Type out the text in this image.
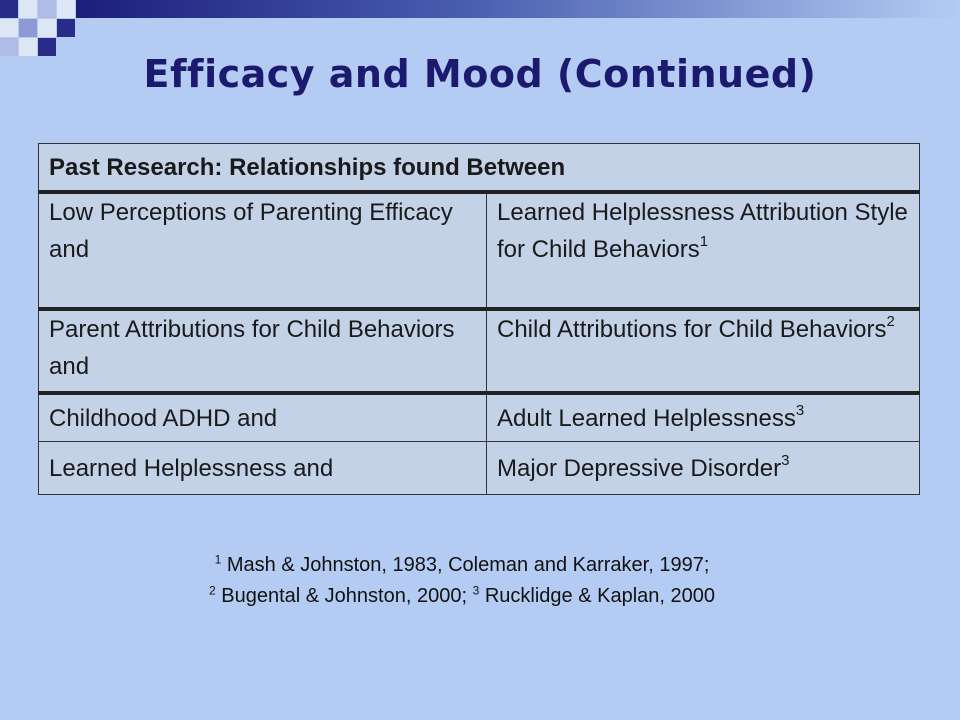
Efficacy and Mood (Continued)
Past Research: Relationships found Between	
Low Perceptions of Parenting Efficacy and	Learned Helplessness Attribution Style for Child Behaviors$^1$
Parent Attributions for Child Behaviors and	Child Attributions for Child Behaviors$^2$
Childhood ADHD and	Adult Learned Helplessness$^3$
Learned Helplessness and	Major Depressive Disorder$^3$
$^1$ Mash & Johnston, 1983, Coleman and Karraker, 1997;
$^2$ Bugental & Johnston, 2000; $^3$ Rucklidge & Kaplan, 2000
